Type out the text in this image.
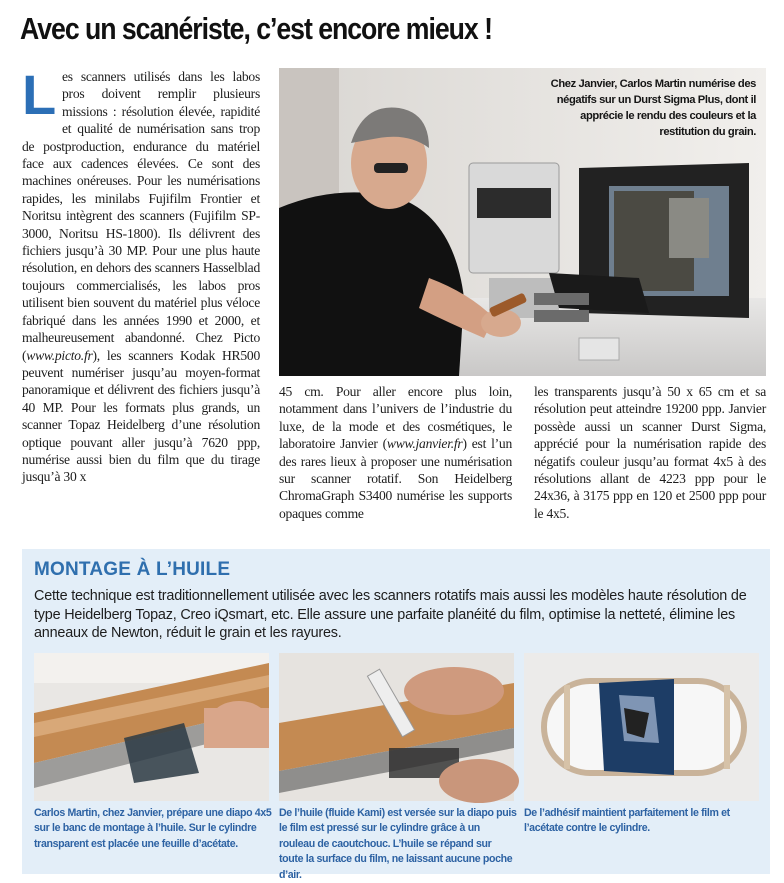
Avec un scanériste, c’est encore mieux !
Les scanners utilisés dans les labos pros doivent remplir plusieurs missions : résolution élevée, rapidité et qualité de numérisation sans trop de postproduction, endurance du matériel face aux cadences élevées. Ce sont des machines onéreuses. Pour les numérisations rapides, les minilabs Fujifilm Frontier et Noritsu intègrent des scanners (Fujifilm SP-3000, Noritsu HS-1800). Ils délivrent des fichiers jusqu’à 30 MP. Pour une plus haute résolution, en dehors des scanners Hasselblad toujours commercialisés, les labos pros utilisent bien souvent du matériel plus véloce fabriqué dans les années 1990 et 2000, et malheureusement abandonné. Chez Picto (www.picto.fr), les scanners Kodak HR500 peuvent numériser jusqu’au moyen-format panoramique et délivrent des fichiers jusqu’à 40 MP. Pour les formats plus grands, un scanner Topaz Heidelberg d’une résolution optique pouvant aller jusqu’à 7620 ppp, numérise aussi bien du film que du tirage jusqu’à 30 x
Chez Janvier, Carlos Martin numérise des négatifs sur un Durst Sigma Plus, dont il apprécie le rendu des couleurs et la restitution du grain.
45 cm. Pour aller encore plus loin, notamment dans l’univers de l’industrie du luxe, de la mode et des cosmétiques, le laboratoire Janvier (www.janvier.fr) est l’un des rares lieux à proposer une numérisation sur scanner rotatif. Son Heidelberg ChromaGraph S3400 numérise les supports opaques comme
les transparents jusqu’à 50 x 65 cm et sa résolution peut atteindre 19200 ppp. Janvier possède aussi un scanner Durst Sigma, apprécié pour la numérisation rapide des négatifs couleur jusqu’au format 4x5 à des résolutions allant de 4223 ppp pour le 24x36, à 3175 ppp en 120 et 2500 ppp pour le 4x5.
MONTAGE À L’HUILE
Cette technique est traditionnellement utilisée avec les scanners rotatifs mais aussi les modèles haute résolution de type Heidelberg Topaz, Creo iQsmart, etc. Elle assure une parfaite planéité du film, optimise la netteté, élimine les anneaux de Newton, réduit le grain et les rayures.
Carlos Martin, chez Janvier, prépare une diapo 4x5 sur le banc de montage à l’huile. Sur le cylindre transparent est placée une feuille d’acétate.
De l’huile (fluide Kami) est versée sur la diapo puis le film est pressé sur le cylindre grâce à un rouleau de caoutchouc. L’huile se répand sur toute la surface du film, ne laissant aucune poche d’air.
De l’adhésif maintient parfaitement le film et l’acétate contre le cylindre.
